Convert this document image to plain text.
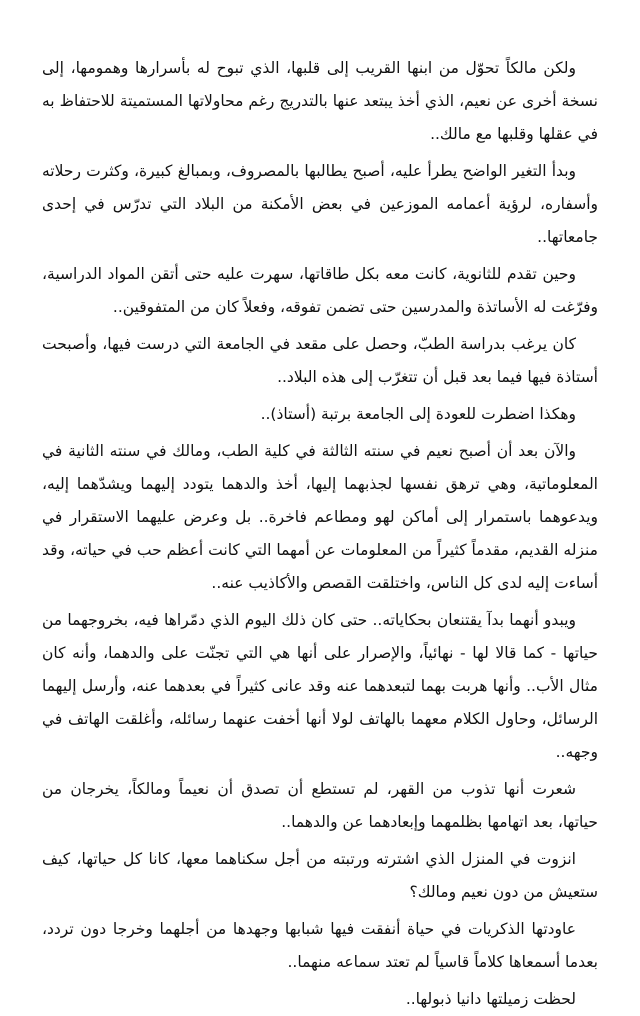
ولكن مالكاً تحوّل من ابنها القريب إلى قلبها، الذي تبوح له بأسرارها وهمومها، إلى نسخة أخرى عن نعيم، الذي أخذ يبتعد عنها بالتدريج رغم محاولاتها المستميتة للاحتفاظ به في عقلها وقلبها مع مالك..

وبدأ التغير الواضح يطرأ عليه، أصبح يطالبها بالمصروف، وبمبالغ كبيرة، وكثرت رحلاته وأسفاره، لرؤية أعمامه الموزعين في بعض الأمكنة من البلاد التي تدرّس في إحدى جامعاتها..

وحين تقدم للثانوية، كانت معه بكل طاقاتها، سهرت عليه حتى أتقن المواد الدراسية، وفرّغت له الأساتذة والمدرسين حتى تضمن تفوقه، وفعلاً كان من المتفوقين..

كان يرغب بدراسة الطبّ، وحصل على مقعد في الجامعة التي درست فيها، وأصبحت أستاذة فيها فيما بعد قبل أن تتغرّب إلى هذه البلاد..

وهكذا اضطرت للعودة إلى الجامعة برتبة (أستاذ)..

والآن بعد أن أصبح نعيم في سنته الثالثة في كلية الطب، ومالك في سنته الثانية في المعلوماتية، وهي ترهق نفسها لجذبهما إليها، أخذ والدهما يتودد إليهما ويشدّهما إليه، ويدعوهما باستمرار إلى أماكن لهو ومطاعم فاخرة.. بل وعرض عليهما الاستقرار في منزله القديم، مقدماً كثيراً من المعلومات عن أمهما التي كانت أعظم حب في حياته، وقد أساءت إليه لدى كل الناس، واختلقت القصص والأكاذيب عنه..

ويبدو أنهما بدآ يقتنعان بحكاياته.. حتى كان ذلك اليوم الذي دمّراها فيه، بخروجهما من حياتها - كما قالا لها - نهائياً، والإصرار على أنها هي التي تجنّت على والدهما، وأنه كان مثال الأب.. وأنها هربت بهما لتبعدهما عنه وقد عانى كثيراً في بعدهما عنه، وأرسل إليهما الرسائل، وحاول الكلام معهما بالهاتف لولا أنها أخفت عنهما رسائله، وأغلقت الهاتف في وجهه..

شعرت أنها تذوب من القهر، لم تستطع أن تصدق أن نعيماً ومالكاً، يخرجان من حياتها، بعد اتهامها بظلمهما وإبعادهما عن والدهما..

انزوت في المنزل الذي اشترته ورتبته من أجل سكناهما معها، كانا كل حياتها، كيف ستعيش من دون نعيم ومالك؟

عاودتها الذكريات في حياة أنفقت فيها شبابها وجهدها من أجلهما وخرجا دون تردد، بعدما أسمعاها كلاماً قاسياً لم تعتد سماعه منهما..

لحظت زميلتها دانيا ذبولها..
